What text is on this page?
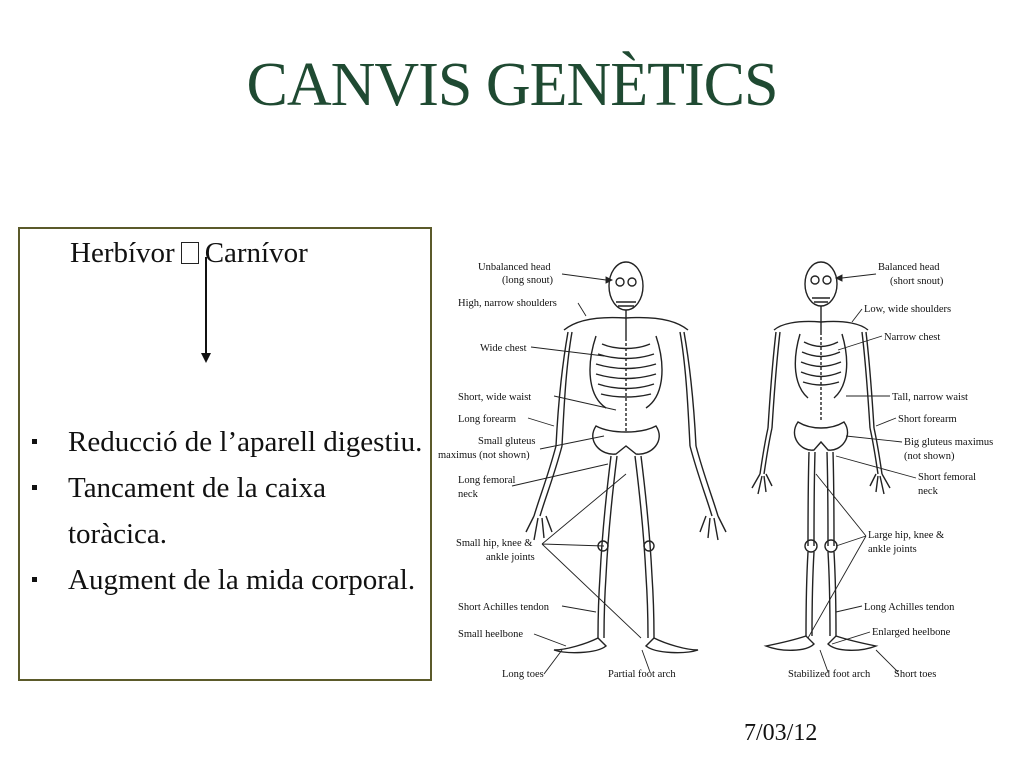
CANVIS GENÈTICS
Herbívor Carnívor
Reducció de l’aparell digestiu.
Tancament de la caixa toràcica.
Augment de la mida corporal.
Unbalanced head
(long snout)
High, narrow shoulders
Wide chest
Short, wide waist
Long forearm
Small gluteus
maximus (not shown)
Long femoral
neck
Small hip, knee &
ankle joints
Short Achilles tendon
Small heelbone
Long toes	Partial foot arch
Balanced head
(short snout)
Low, wide shoulders
Narrow chest
Tall, narrow waist
Short forearm
Big gluteus maximus
(not shown)
Short femoral
neck
Large hip, knee &
ankle joints
Long Achilles tendon
Enlarged heelbone
Stabilized foot arch Short toes
7/03/12
